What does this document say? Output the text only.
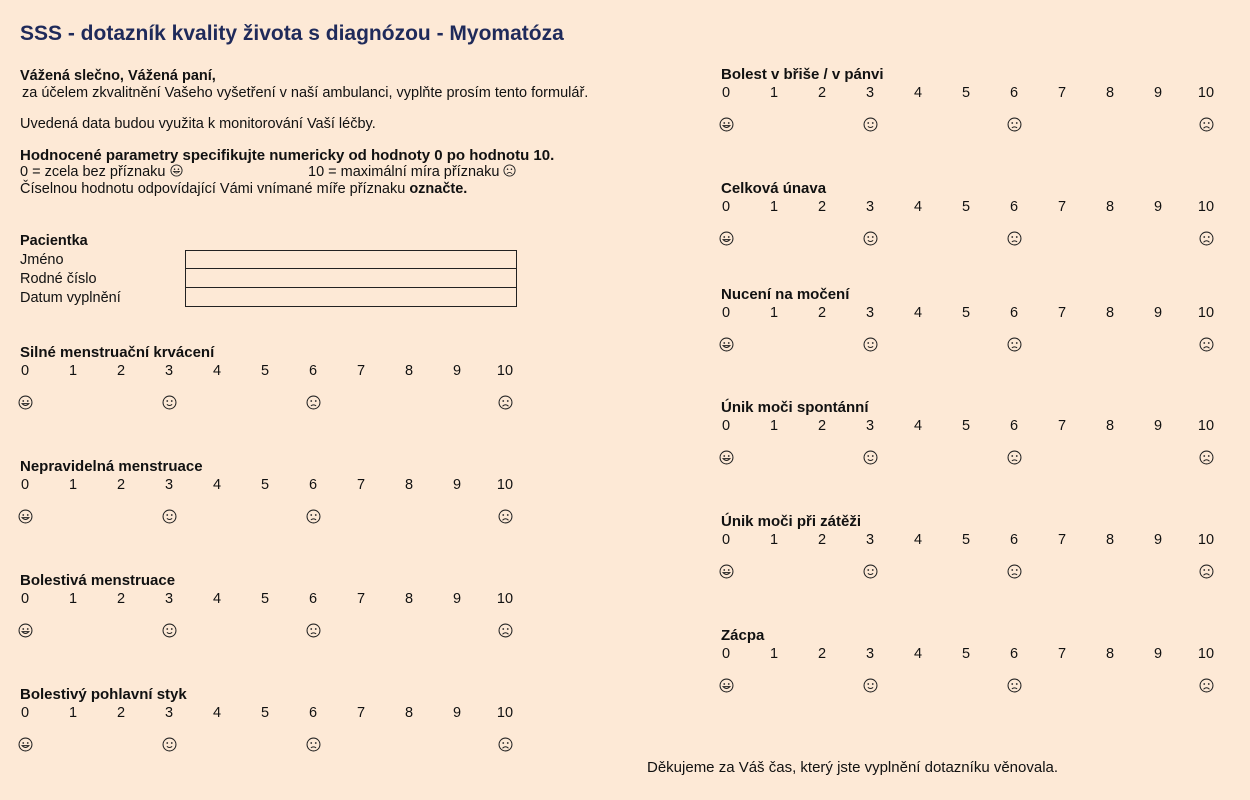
SSS - dotazník kvality života s diagnózou - Myomatóza
Vážená slečno, Vážená paní,
za účelem zkvalitnění Vašeho vyšetření v naší ambulanci, vyplňte prosím tento formulář.
Uvedená data budou využita k monitorování Vaší léčby.
Hodnocené parametry specifikujte numericky od hodnoty 0 po hodnotu 10.
0 = zcela bez příznaku	10 = maximální míra příznaku
Číselnou hodnotu odpovídající Vámi vnímané míře příznaku označte.
Pacientka
Jméno
Rodné číslo
Datum vyplnění
Silné menstruační krvácení
0	1	2	3	4	5	6	7	8	9	10
Nepravidelná menstruace
0	1	2	3	4	5	6	7	8	9	10
Bolestivá menstruace
0	1	2	3	4	5	6	7	8	9	10
Bolestivý pohlavní styk
0	1	2	3	4	5	6	7	8	9	10
Bolest v břiše / v pánvi
0	1	2	3	4	5	6	7	8	9	10
Celková únava
0	1	2	3	4	5	6	7	8	9	10
Nucení na močení
0	1	2	3	4	5	6	7	8	9	10
Únik moči spontánní
0	1	2	3	4	5	6	7	8	9	10
Únik moči při zátěži
0	1	2	3	4	5	6	7	8	9	10
Zácpa
0	1	2	3	4	5	6	7	8	9	10
Děkujeme za Váš čas, který jste vyplnění dotazníku věnovala.
